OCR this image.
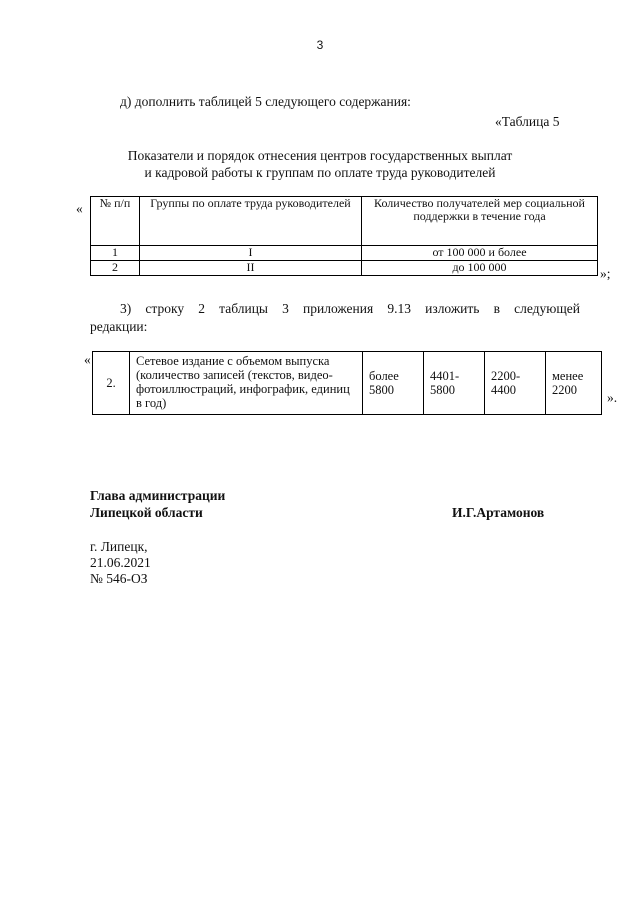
3
д) дополнить таблицей 5 следующего содержания:
«Таблица 5
Показатели и порядок отнесения центров государственных выплат
и кадровой работы к группам по оплате труда руководителей
« № п/п	Группы по оплате труда руководителей	Количество получателей мер социальной поддержки в течение года
1	I	от 100 000 и более
2	II	до 100 000	»;
3) строку 2 таблицы 3 приложения 9.13 изложить в следующей
редакции:
«
2.	Сетевое издание с объемом выпуска (количество записей (текстов, видео-фотоиллюстраций, инфографик, единиц в год)	более 5800	4401-5800	2200-4400	менее 2200 ».
Глава администрации
Липецкой области	И.Г.Артамонов
г. Липецк,
21.06.2021
№ 546-ОЗ
